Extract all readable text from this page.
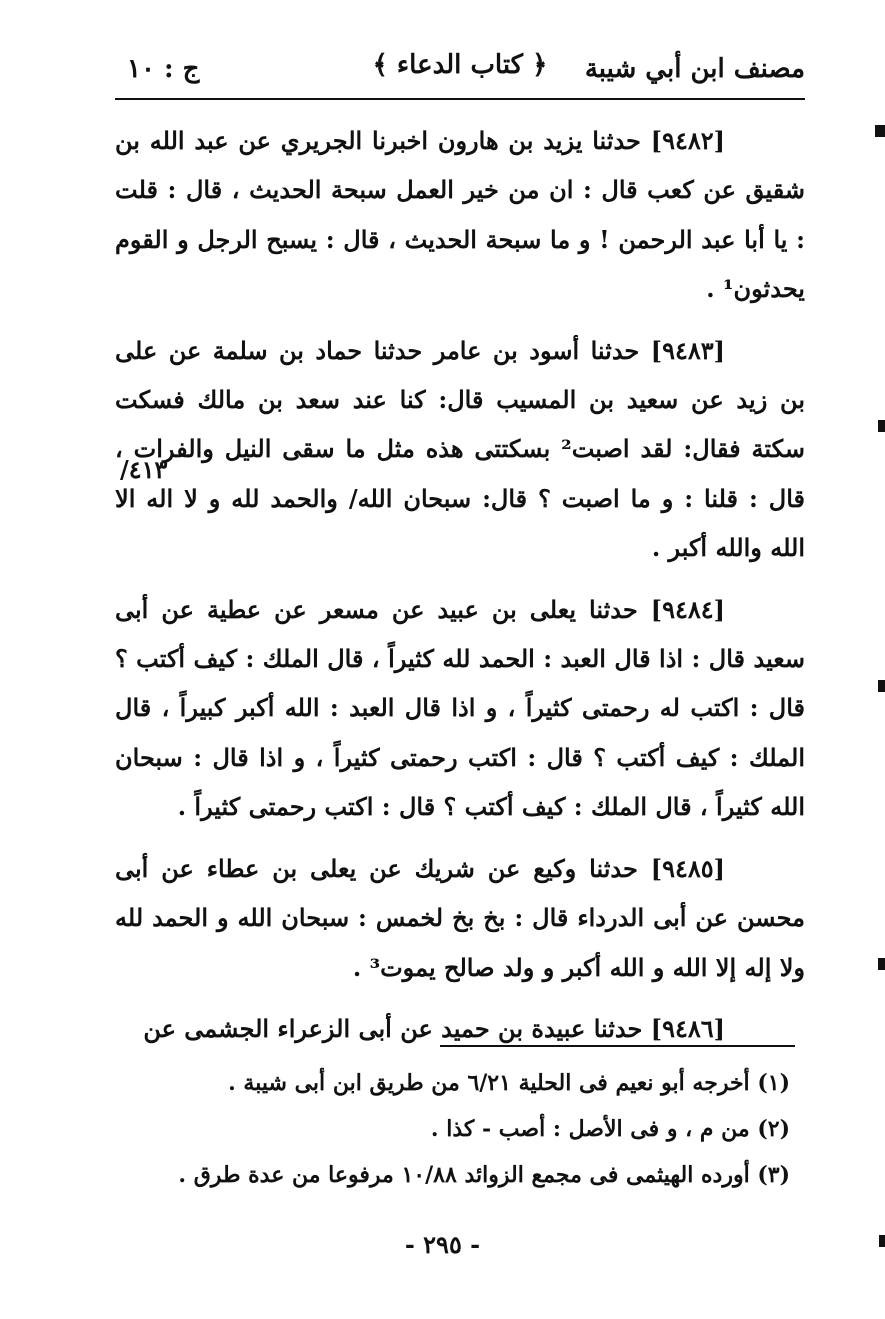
مصنف ابن أبي شيبة
﴿ كتاب الدعاء ﴾
ج : ١٠

[٩٤٨٢] حدثنا يزيد بن هارون اخبرنا الجريري عن عبد الله بن شقيق عن كعب قال : ان من خير العمل سبحة الحديث ، قال : قلت : يا أبا عبد الرحمن ! و ما سبحة الحديث ، قال : يسبح الرجل و القوم يحدثون¹ .

[٩٤٨٣] حدثنا أسود بن عامر حدثنا حماد بن سلمة عن على بن زيد عن سعيد بن المسيب قال: كنا عند سعد بن مالك فسكت سكتة فقال: لقد اصبت² بسكتتى هذه مثل ما سقى النيل والفرات ، قال : قلنا : و ما اصبت ؟ قال: سبحان الله/ والحمد لله و لا اله الا الله والله أكبر .

[٩٤٨٤] حدثنا يعلى بن عبيد عن مسعر عن عطية عن أبى سعيد قال : اذا قال العبد : الحمد لله كثيراً ، قال الملك : كيف أكتب ؟ قال : اكتب له رحمتى كثيراً ، و اذا قال العبد : الله أكبر كبيراً ، قال الملك : كيف أكتب ؟ قال : اكتب رحمتى كثيراً ، و اذا قال : سبحان الله كثيراً ، قال الملك : كيف أكتب ؟ قال : اكتب رحمتى كثيراً .

[٩٤٨٥] حدثنا وكيع عن شريك عن يعلى بن عطاء عن أبى محسن عن أبى الدرداء قال : بخ بخ لخمس : سبحان الله و الحمد لله ولا إله إلا الله و الله أكبر و ولد صالح يموت³ .

[٩٤٨٦] حدثنا عبيدة بن حميد عن أبى الزعراء الجشمى عن

٤١٣/
(١) أخرجه أبو نعيم فى الحلية ٦/٢١ من طريق ابن أبى شيبة .
(٢) من م ، و فى الأصل : أصب - كذا .
(٣) أورده الهيثمى فى مجمع الزوائد ١٠/٨٨ مرفوعا من عدة طرق .
- ٢٩٥ -
